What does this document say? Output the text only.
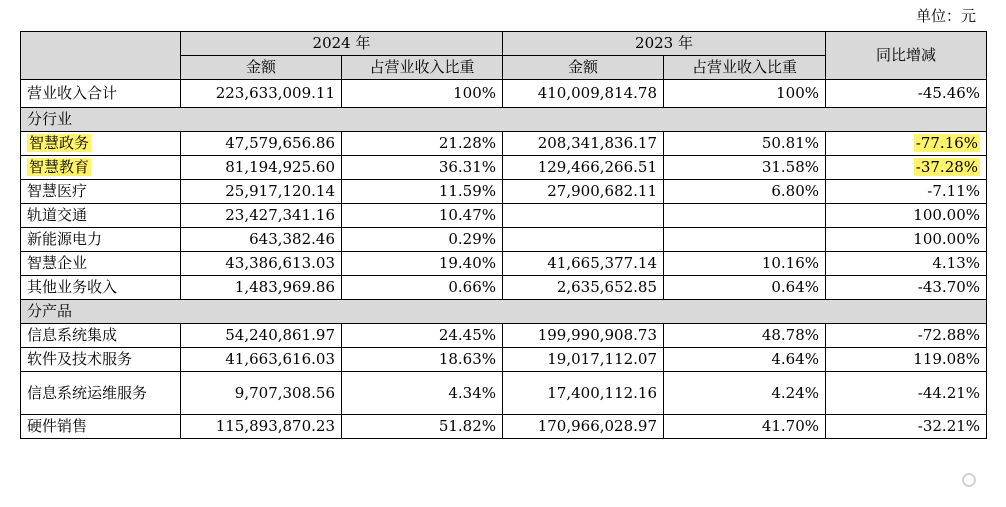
单位：元
	2024 年		2023 年		同比增减
	金额	占营业收入比重	金额	占营业收入比重	
营业收入合计	223,633,009.11	100%	410,009,814.78	100%	-45.46%
分行业					
智慧政务	47,579,656.86	21.28%	208,341,836.17	50.81%	-77.16%
智慧教育	81,194,925.60	36.31%	129,466,266.51	31.58%	-37.28%
智慧医疗	25,917,120.14	11.59%	27,900,682.11	6.80%	-7.11%
轨道交通	23,427,341.16	10.47%			100.00%
新能源电力	643,382.46	0.29%			100.00%
智慧企业	43,386,613.03	19.40%	41,665,377.14	10.16%	4.13%
其他业务收入	1,483,969.86	0.66%	2,635,652.85	0.64%	-43.70%
分产品					
信息系统集成	54,240,861.97	24.45%	199,990,908.73	48.78%	-72.88%
软件及技术服务	41,663,616.03	18.63%	19,017,112.07	4.64%	119.08%
信息系统运维服务	9,707,308.56	4.34%	17,400,112.16	4.24%	-44.21%
硬件销售	115,893,870.23	51.82%	170,966,028.97	41.70%	-32.21%
